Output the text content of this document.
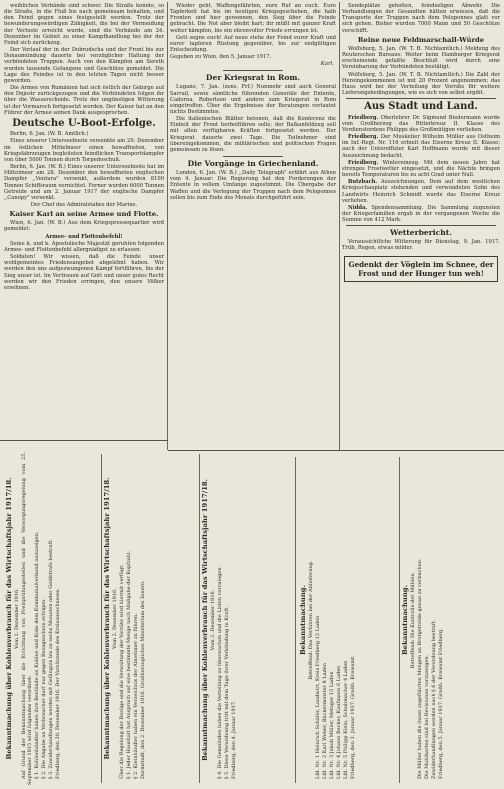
weiblichen Verbände sind schwer. Die Straße konnte, so die Straße, in die Fluß bis nach gemeinsam behalten, und den Feind gegen eines festgestellt werden. Trotz der bewunderungswürdigen Zähigkeit, die bei der Vermeidung der Verluste erreicht wurde, sind die Verbände am 24. Dezember im Gebiet zu einer Kampfhandlung bei der der Feind sich zurückzog.

Der Verlauf der in der Dobrudscha und der Front bis zur Donaumündung dauerte bei vorzüglicher Haltung der verbündeten Truppen. Auch von den Kämpfen am Sereth wurden tausende Gefangene und Geschütze gemeldet. Die Lage des Feindes ist in den letzten Tagen nicht besser geworden.

Die Armee von Rumänien hat sich östlich der Gebirge auf den Dnjestr zurückgezogen und die Verbündeten folgen ihr über die Wasserscheide. Trotz der ungünstigen Witterung ist der Vormarsch fortgesetzt worden. Der Kaiser hat an den Führer der Armee seinen Dank ausgesprochen.

Deutsche U-Boot-Erfolge.

Berlin, 6. Jan. (W. B. Amtlich.)

Eines unserer Unterseeboote versenkte am 29. Dezember im östlichen Mittelmeer einen bewaffneten, von Kriegsfahrzeugen begleiteten feindlichen Transportdampfer von über 5000 Tonnen durch Torpedoschuß.

Berlin, 6. Jan. (W. B.) Eines unserer Unterseeboote hat im Mittelmeer am 28. Dezember den bewaffneten englischen Dampfer ,,Ventura" versenkt, außerdem wurden 8100 Tonnen Schiffsraum vernichtet. Ferner wurden 6000 Tonnen Getreide und am 2. Januar 1917 der englische Dampfer ,,Canopy" versenkt.

Der Chef des Admiralstabes der Marine.

Kaiser Karl an seine Armee und Flotte.

Wien, 6. Jan. (W. B.) Aus dem Kriegspressequartier wird gemeldet:

Armee- und Flottenbefehl!

Seine k. und k. Apostolische Majestät geruhten folgenden Armee- und Flottenbefehl allergnädigst zu erlassen:

Soldaten! Wir wissen, daß die Feinde unser wohlgemeintes Friedensangebot abgelehnt haben. Wir werden den uns aufgezwungenen Kampf fortführen, bis der Sieg unser ist. Im Vertrauen auf Gott und unser gutes Recht werden wir den Frieden erringen, den unsere Völker ersehnen.

Wieder geht, Waffengefährten, eure Ruf an euch. Eure Tapferkeit hat bis im heutigen Kriegsgeschehen, die halb Fronten und hier gewonnen, den Sieg über die Feinde gebracht. Die Not aber bleibt hart; ihr müßt mit ganzer Kraft weiter kämpfen, bis ein ehrenvoller Friede errungen ist.

Gott segne euch! Auf neue stehe der Feind eurer Kraft und eurer tapferen Rüstung gegenüber, bis zur endgültigen Entscheidung.

Gegeben zu Wien, den 5. Januar 1917.

Karl.
Der Kriegsrat in Rom.

Lugano, 7. Jan. (zens. Frf.) Nunmehr sind auch General Sarrail, sowie sämtliche führenden Generäle der Entente, Cadorna, Robertson und andere zum Kriegsrat in Rom eingetroffen. Über die Ergebnisse der Beratungen verlautet nichts Bestimmtes.

Die italienischen Blätter betonen, daß die Konferenz die Einheit der Front herbeiführen solle; der Balkanfeldzug soll mit allen verfügbaren Kräften fortgesetzt werden. Der Kriegsrat dauerte zwei Tage. Die Teilnehmer sind übereingekommen, die militärischen und politischen Fragen gemeinsam zu lösen.

Die Vorgänge in Griechenland.

London, 6. Jan. (W. B.) ,,Daily Telegraph" erfährt aus Athen vom 4. Januar: Die Regierung hat den Forderungen der Entente in vollem Umfange zugestimmt. Die Übergabe der Waffen und die Verlegung der Truppen nach dem Peloponnes sollen bis zum Ende des Monats durchgeführt sein.

Sendeplätze geholten, feindseligen Abwehr. Die Verhandlungen der Gesandten hätten erwiesen, daß die Transporte der Truppen nach dem Peloponnes glatt vor sich gehen. Bisher wurden 7000 Mann und 50 Geschütze verschifft.

Reine neue Feldmarschall-Würde

Wolfsburg, 5. Jan. (W. T. B. Nichtamtlich.) Meldung des Reuterschen Bureaus: Weiter beim Hamburger Kriegsrat erscheinende gefaßte Beschluß wird durch eine Vereinbarung der Verbündeten bestätigt.

Wolfsburg, 5. Jan. (W. T. B. Nichtamtlich.) Die Zahl der Hereingekommenen ist mit 20 Prozent angenommen; das Haus wird bei der Verteilung der Vorräte für weitere Lieferungsbedingungen, wie es sich von selbst ergibt.

Aus Stadt und Land.

Friedberg. Oberlehrer Dr. Sigmund Biedermann wurde vom Großherzog das Ritterkreuz II. Klasse des Verdienstordens Philipps des Großmütigen verliehen.

Friedberg. Der Musketier Wilhelm Müller aus Ostheim im Inf.-Regt. Nr. 116 erhielt das Eiserne Kreuz II. Klasse; auch der Unteroffizier Karl Hoffmann wurde mit dieser Auszeichnung bedacht.

Friedberg. Wintereinzug. Mit dem neuen Jahre hat strenges Frostwetter eingesetzt, und die Nächte bringen bereits Temperaturen bis zu acht Grad unter Null.

Butzbach. Auszeichnungen. Dem auf dem westlichen Kriegsschauplatz stehenden und verwundeten Sohn des Landwirts Heinrich Schmidt wurde das Eiserne Kreuz verliehen.

Nidda. Spendensammlung. Die Sammlung zugunsten der Kriegerfamilien ergab in der vergangenen Woche die Summe von 412 Mark.

Wetterbericht.

Voraussichtliche Witterung für Dienstag, 9. Jan. 1917. Trüb, Regen, etwas milder.

Gedenkt der Vöglein im Schnee, der Frost und der Hunger tun weh!
Bekanntmachung über Kohlenverbrauch für das Wirtschaftsjahr 1917/18. Vom 2. Dezember 1916. Auf Grund der Bekanntmachung über die Errichtung von Preisprüfungsstellen und die Versorgungsregelung vom 25. September 1915 wird folgendes verordnet: § 1. Kohlenhändler haben ihre Bestände an Kohlen und Koks dem Kommunalverband anzuzeigen. § 2. Die Abgabe an Verbraucher darf nur gegen Bezugsschein erfolgen. § 3. Zuwiderhandlungen werden mit Gefängnis bis zu sechs Monaten oder Geldstrafe bestraft. Friedberg, den 30. Dezember 1916. Der Vorsitzende des Kreisausschusses.	Bekanntmachung über Kohlenverbrauch für das Wirtschaftsjahr 1917/18. Vom 2. Dezember 1916. Über die Regelung der Bezüge und die Verwaltung der Vorräte wird hiermit verfügt. § 1. Jeder Haushalt hat Anspruch auf eine bestimmte Menge nach Maßgabe der Kopfzahl. § 2. Kleinhändler haben ein Verzeichnis der Abnehmer zu führen. Darmstadt, den 2. Dezember 1916. Großherzogliches Ministerium des Innern.	Bekanntmachung über Kohlenverbrauch für das Wirtschaftsjahr 1917/18. Vom 2. Dezember 1916. § 4. Die Gemeinden haben die Verteilung zu überwachen und die Listen vorzulegen. § 5. Diese Verordnung tritt mit dem Tage ihrer Verkündung in Kraft. Friedberg, den 4. Januar 1917.

Bekanntmachung. Betreffend: Das Verfahren bei der Ablieferung. Lfd. Nr. 1 Heinrich Schäfer, Landwirt, Kreis Friedberg 12 Laden Lfd. Nr. 2 Karl Weber, Bäckermeister 8 Laden Lfd. Nr. 3 Jakob Müller, Metzger 15 Laden Lfd. Nr. 4 Johann Becker, Kaufmann 6 Laden Lfd. Nr. 5 Philipp Klein, Schuhmacher 4 Laden Friedberg, den 3. Januar 1917. Großh. Kreisamt.

Bekanntmachung. Betreffend: Die Kontrolle der Mühlen. Die Müller haben die ihnen zugeführten Mengen an Brotgetreide genau zu verbuchen. Die Mahlkarten sind bei Revisionen vorzuzeigen. Zuwiderhandlungen werden nach § 6 der Verordnung bestraft. Friedberg, den 5. Januar 1917. Großh. Kreisamt Friedberg.
